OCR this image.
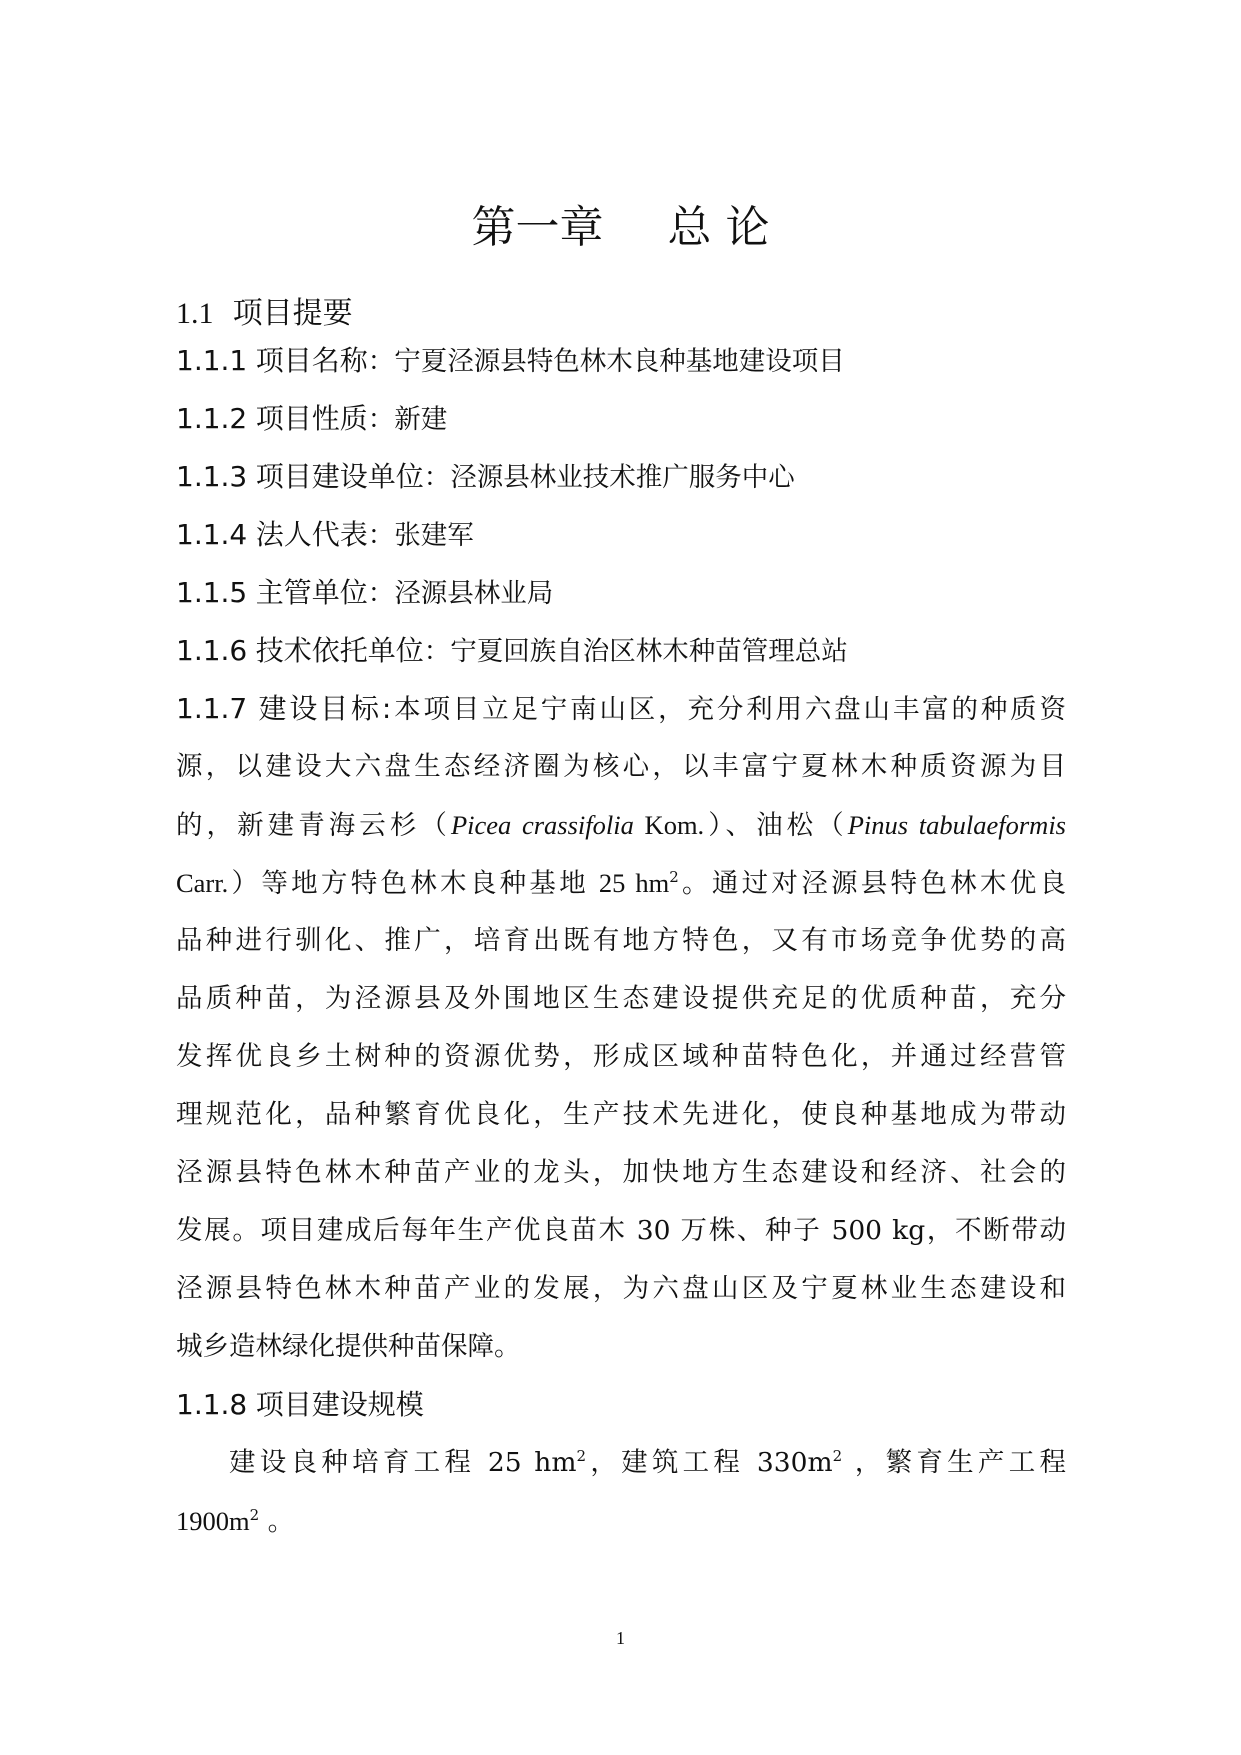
第一章 总 论
1.1 项目提要
1.1.1 项目名称：宁夏泾源县特色林木良种基地建设项目
1.1.2 项目性质：新建
1.1.3 项目建设单位：泾源县林业技术推广服务中心
1.1.4 法人代表：张建军
1.1.5 主管单位：泾源县林业局
1.1.6 技术依托单位：宁夏回族自治区林木种苗管理总站
1.1.7 建设目标:本项目立足宁南山区，充分利用六盘山丰富的种质资
源，以建设大六盘生态经济圈为核心，以丰富宁夏林木种质资源为目
的，新建青海云杉（Picea crassifolia Kom.）、油松（Pinus tabulaeformis
Carr.）等地方特色林木良种基地 25 $hm^2$。通过对泾源县特色林木优良
品种进行驯化、推广，培育出既有地方特色，又有市场竞争优势的高
品质种苗，为泾源县及外围地区生态建设提供充足的优质种苗，充分
发挥优良乡土树种的资源优势，形成区域种苗特色化，并通过经营管
理规范化，品种繁育优良化，生产技术先进化，使良种基地成为带动
泾源县特色林木种苗产业的龙头，加快地方生态建设和经济、社会的
发展。项目建成后每年生产优良苗木 30 万株、种子 500 kg，不断带动
泾源县特色林木种苗产业的发展，为六盘山区及宁夏林业生态建设和
城乡造林绿化提供种苗保障。
1.1.8 项目建设规模
建设良种培育工程 25 $hm^2$，建筑工程 $330m^2$ ，繁育生产工程
$1900m^2$ 。
1
